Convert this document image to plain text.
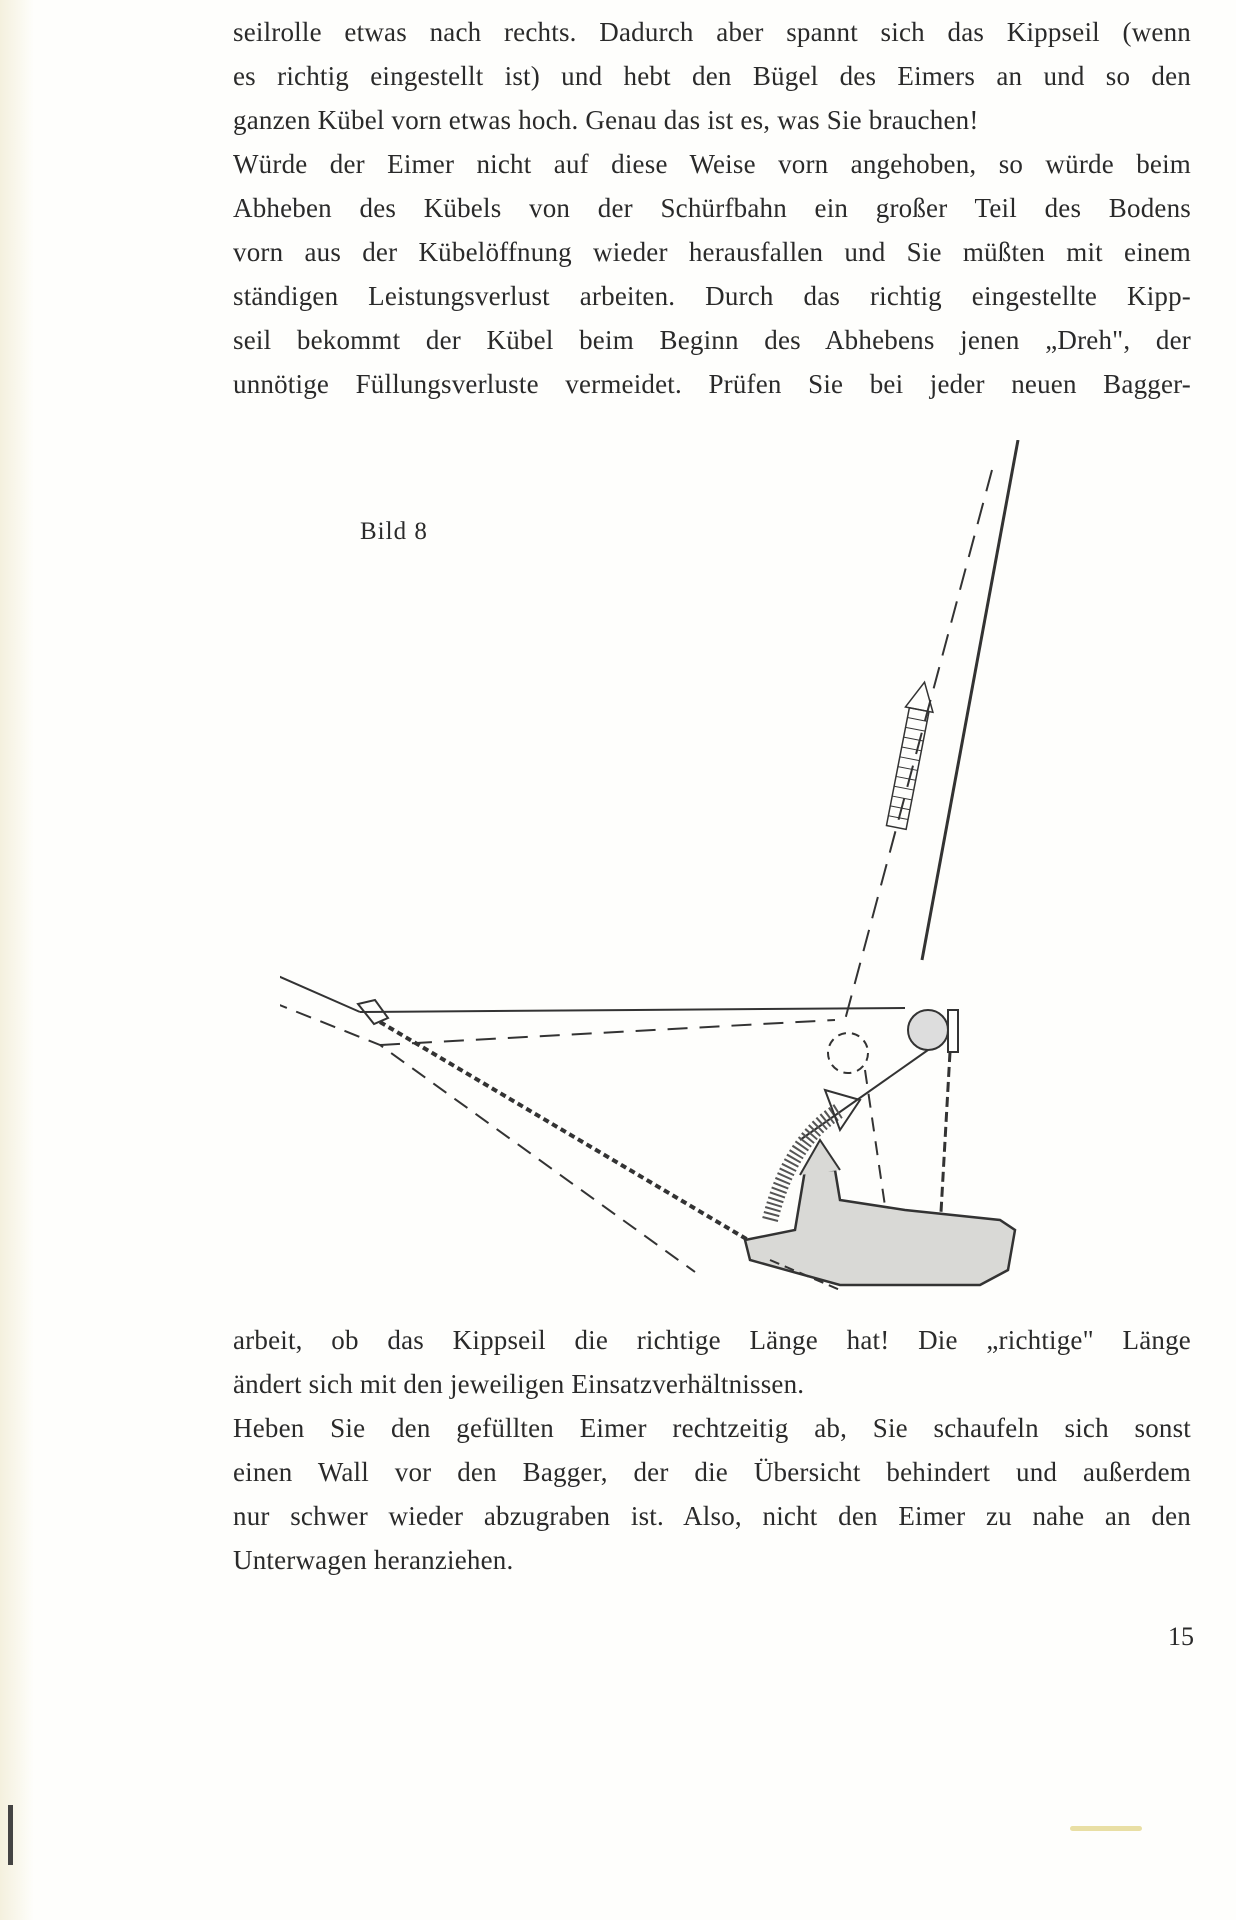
seilrolle etwas nach rechts. Dadurch aber spannt sich das Kippseil (wenn
es richtig eingestellt ist) und hebt den Bügel des Eimers an und so den
ganzen Kübel vorn etwas hoch. Genau das ist es, was Sie brauchen!
Würde der Eimer nicht auf diese Weise vorn angehoben, so würde beim
Abheben des Kübels von der Schürfbahn ein großer Teil des Bodens
vorn aus der Kübelöffnung wieder herausfallen und Sie müßten mit einem
ständigen Leistungsverlust arbeiten. Durch das richtig eingestellte Kipp-
seil bekommt der Kübel beim Beginn des Abhebens jenen „Dreh", der
unnötige Füllungsverluste vermeidet. Prüfen Sie bei jeder neuen Bagger-
Bild 8
arbeit, ob das Kippseil die richtige Länge hat! Die „richtige" Länge
ändert sich mit den jeweiligen Einsatzverhältnissen.
Heben Sie den gefüllten Eimer rechtzeitig ab, Sie schaufeln sich sonst
einen Wall vor den Bagger, der die Übersicht behindert und außerdem
nur schwer wieder abzugraben ist. Also, nicht den Eimer zu nahe an den
Unterwagen heranziehen.
15
